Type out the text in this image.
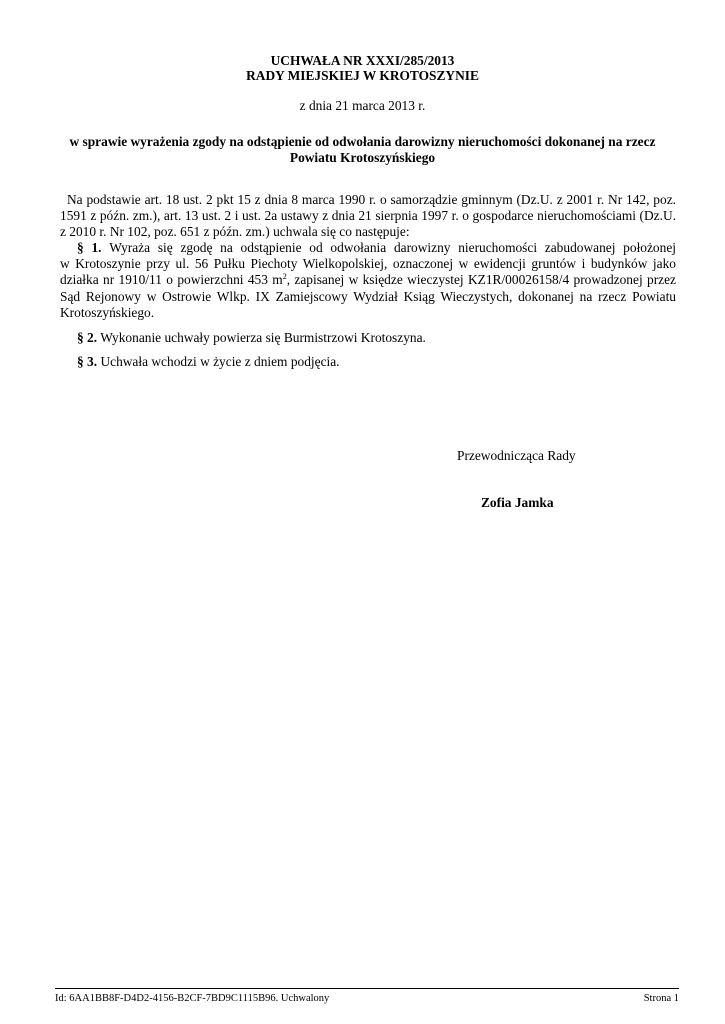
UCHWAŁA NR XXXI/285/2013
RADY MIEJSKIEJ W KROTOSZYNIE
z dnia 21 marca 2013 r.
w sprawie wyrażenia zgody na odstąpienie od odwołania darowizny nieruchomości dokonanej na rzecz
Powiatu Krotoszyńskiego
Na podstawie art. 18 ust. 2 pkt 15 z dnia 8 marca 1990 r. o samorządzie gminnym (Dz.U. z 2001 r. Nr 142, poz.
1591 z późn. zm.), art. 13 ust. 2 i ust. 2a ustawy z dnia 21 sierpnia 1997 r. o gospodarce nieruchomościami (Dz.U.
z 2010 r. Nr 102, poz. 651 z późn. zm.) uchwala się co następuje:
§ 1. Wyraża się zgodę na odstąpienie od odwołania darowizny nieruchomości zabudowanej położonej
w Krotoszynie przy ul. 56 Pułku Piechoty Wielkopolskiej, oznaczonej w ewidencji gruntów i budynków jako
działka nr 1910/11 o powierzchni 453 $m^2$, zapisanej w księdze wieczystej KZ1R/00026158/4 prowadzonej przez
Sąd Rejonowy w Ostrowie Wlkp. IX Zamiejscowy Wydział Ksiąg Wieczystych, dokonanej na rzecz Powiatu
Krotoszyńskiego.
§ 2. Wykonanie uchwały powierza się Burmistrzowi Krotoszyna.
§ 3. Uchwała wchodzi w życie z dniem podjęcia.
Przewodnicząca Rady
Zofia Jamka
Id: 6AA1BB8F-D4D2-4156-B2CF-7BD9C1115B96. Uchwalony	Strona 1
